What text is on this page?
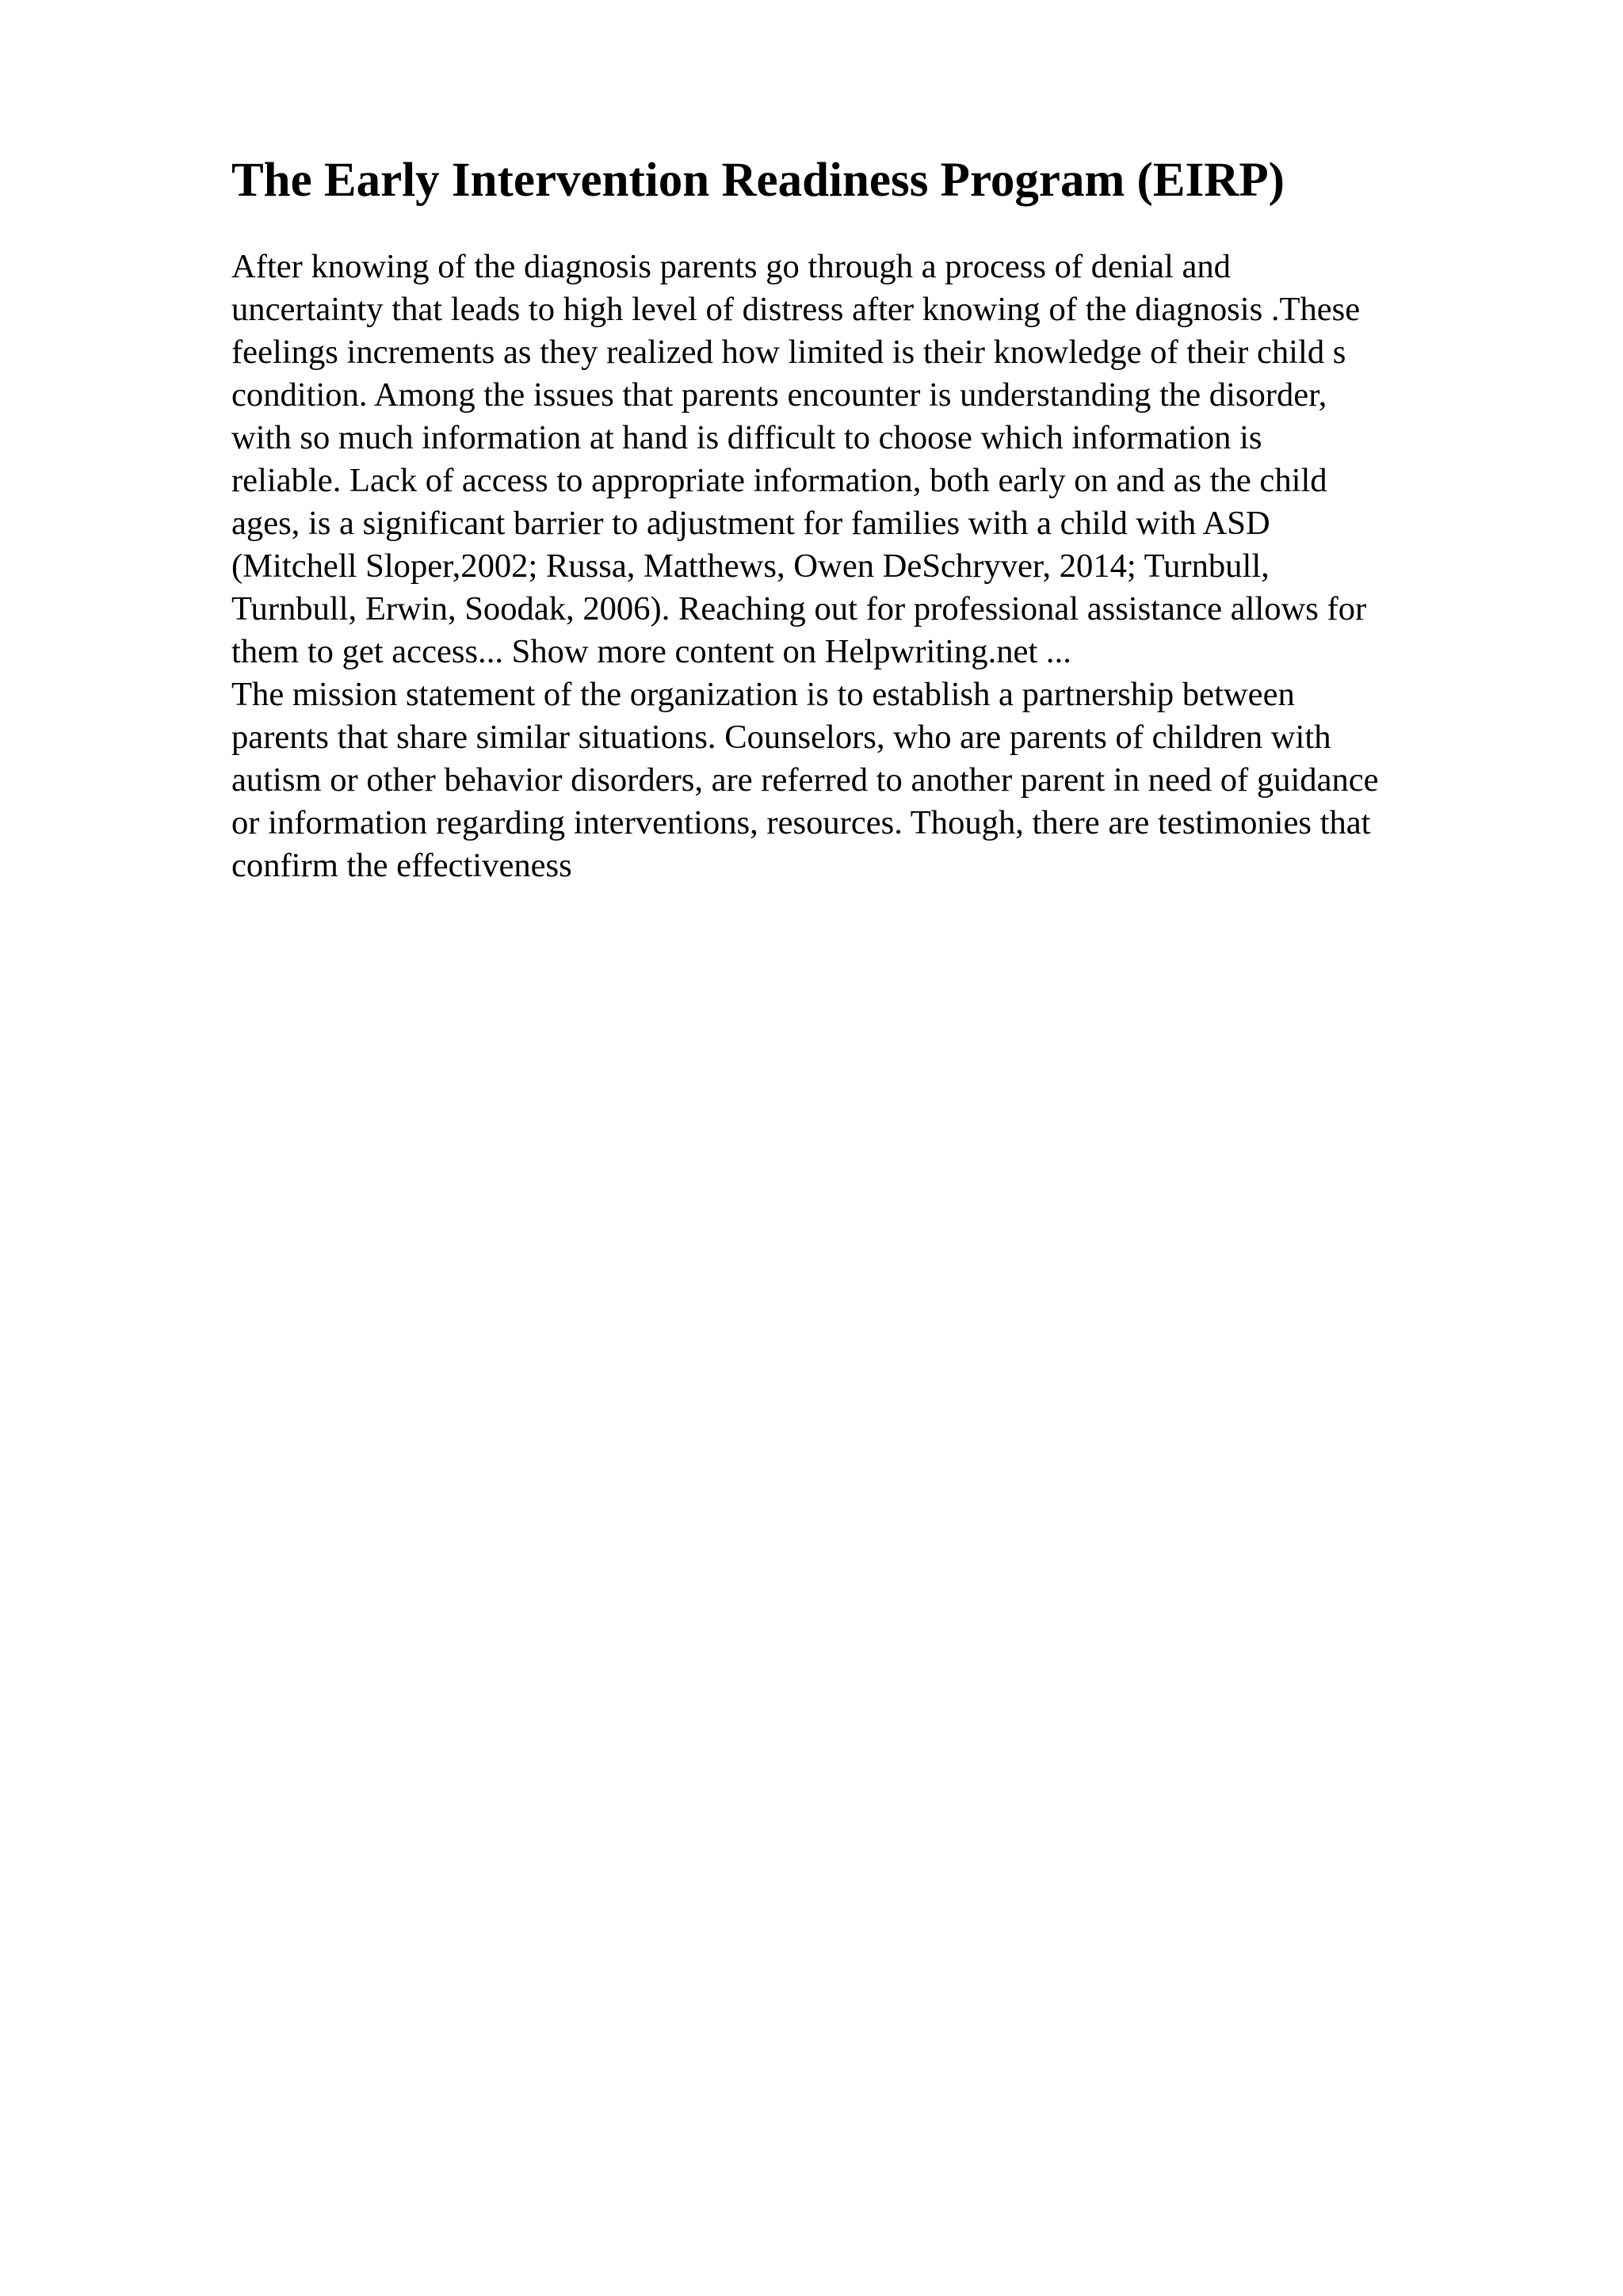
The Early Intervention Readiness Program (EIRP)
After knowing of the diagnosis parents go through a process of denial and
uncertainty that leads to high level of distress after knowing of the diagnosis .These
feelings increments as they realized how limited is their knowledge of their child s
condition. Among the issues that parents encounter is understanding the disorder,
with so much information at hand is difficult to choose which information is
reliable. Lack of access to appropriate information, both early on and as the child
ages, is a significant barrier to adjustment for families with a child with ASD
(Mitchell Sloper,2002; Russa, Matthews, Owen DeSchryver, 2014; Turnbull,
Turnbull, Erwin, Soodak, 2006). Reaching out for professional assistance allows for
them to get access... Show more content on Helpwriting.net ...
The mission statement of the organization is to establish a partnership between
parents that share similar situations. Counselors, who are parents of children with
autism or other behavior disorders, are referred to another parent in need of guidance
or information regarding interventions, resources. Though, there are testimonies that
confirm the effectiveness
